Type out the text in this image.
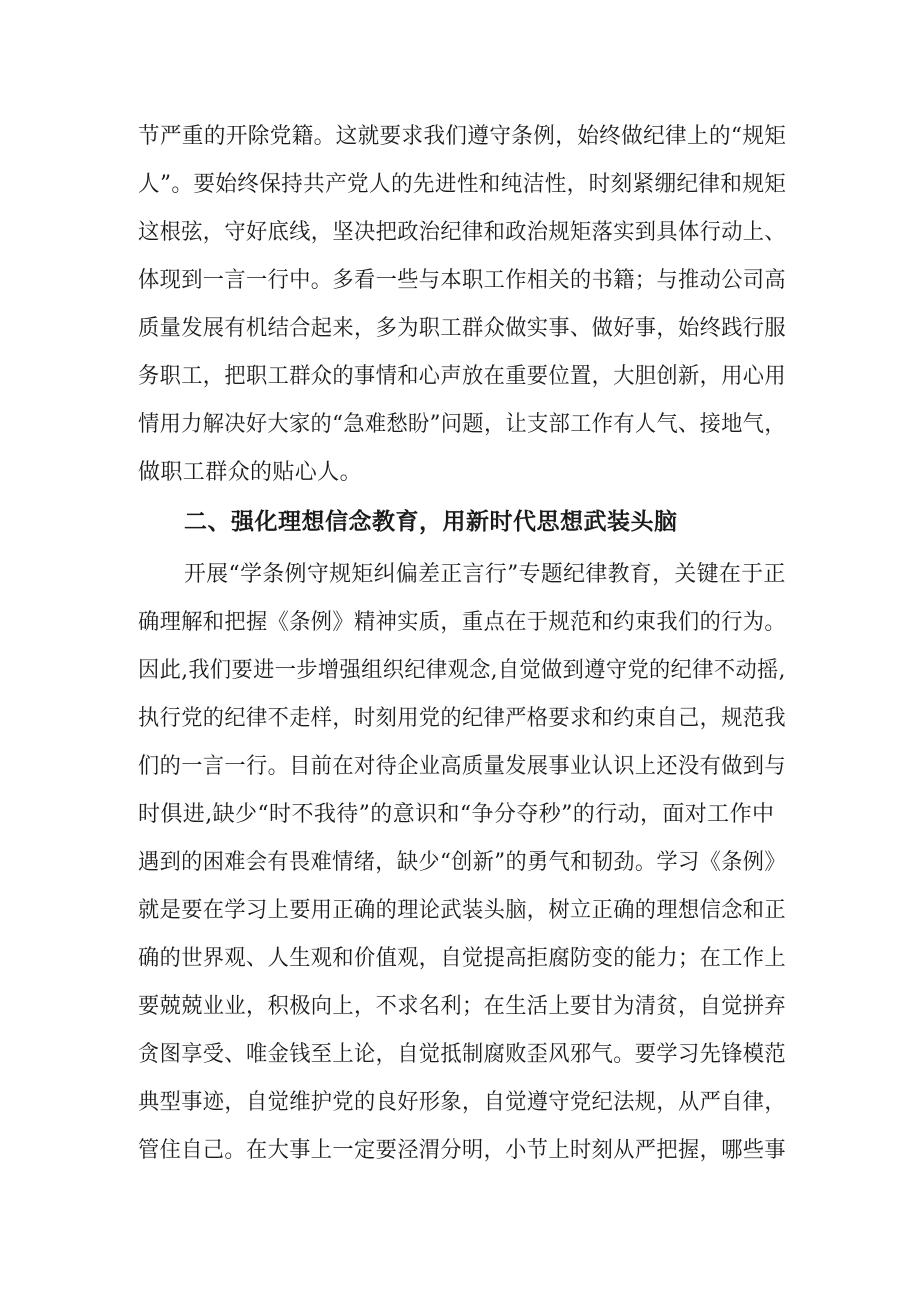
节严重的开除党籍。这就要求我们遵守条例，始终做纪律上的“规矩
人”。要始终保持共产党人的先进性和纯洁性，时刻紧绷纪律和规矩
这根弦，守好底线，坚决把政治纪律和政治规矩落实到具体行动上、
体现到一言一行中。多看一些与本职工作相关的书籍；与推动公司高
质量发展有机结合起来，多为职工群众做实事、做好事，始终践行服
务职工，把职工群众的事情和心声放在重要位置，大胆创新，用心用
情用力解决好大家的“急难愁盼”问题，让支部工作有人气、接地气，
做职工群众的贴心人。
二、强化理想信念教育，用新时代思想武装头脑
开展“学条例守规矩纠偏差正言行”专题纪律教育，关键在于正
确理解和把握《条例》精神实质，重点在于规范和约束我们的行为。
因此,我们要进一步增强组织纪律观念,自觉做到遵守党的纪律不动摇,
执行党的纪律不走样，时刻用党的纪律严格要求和约束自己，规范我
们的一言一行。目前在对待企业高质量发展事业认识上还没有做到与
时俱进,缺少“时不我待”的意识和“争分夺秒”的行动，面对工作中
遇到的困难会有畏难情绪，缺少“创新”的勇气和韧劲。学习《条例》
就是要在学习上要用正确的理论武装头脑，树立正确的理想信念和正
确的世界观、人生观和价值观，自觉提高拒腐防变的能力；在工作上
要兢兢业业，积极向上，不求名利；在生活上要甘为清贫，自觉拼弃
贪图享受、唯金钱至上论，自觉抵制腐败歪风邪气。要学习先锋模范
典型事迹，自觉维护党的良好形象，自觉遵守党纪法规，从严自律，
管住自己。在大事上一定要泾渭分明，小节上时刻从严把握，哪些事
